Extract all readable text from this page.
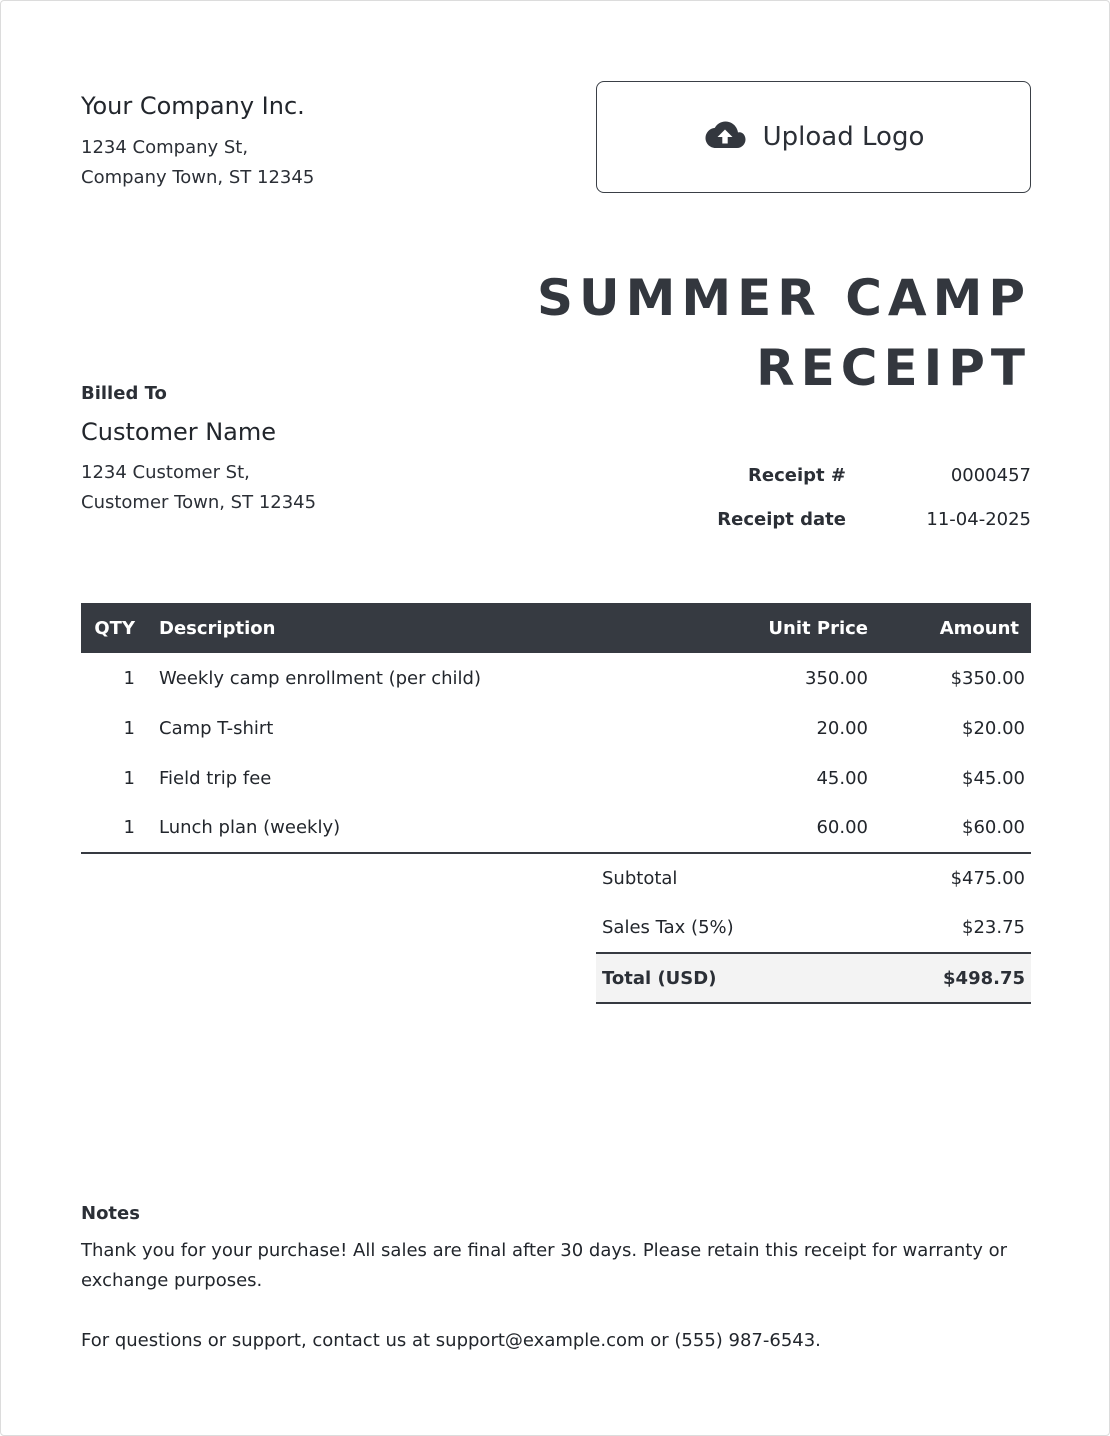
Your Company Inc.
1234 Company St,
Company Town, ST 12345
Upload Logo
SUMMER CAMP
RECEIPT
Billed To
Customer Name
1234 Customer St,
Customer Town, ST 12345
Receipt #	0000457
Receipt date	11-04-2025
QTY	Description	Unit Price	Amount
1	Weekly camp enrollment (per child)	350.00	$350.00
1	Camp T-shirt	20.00	$20.00
1	Field trip fee	45.00	$45.00
1	Lunch plan (weekly)	60.00	$60.00
Subtotal	$475.00
Sales Tax (5%)	$23.75
Total (USD)	$498.75
Notes
Thank you for your purchase! All sales are final after 30 days. Please retain this receipt for warranty or exchange purposes.
For questions or support, contact us at support@example.com or (555) 987-6543.
